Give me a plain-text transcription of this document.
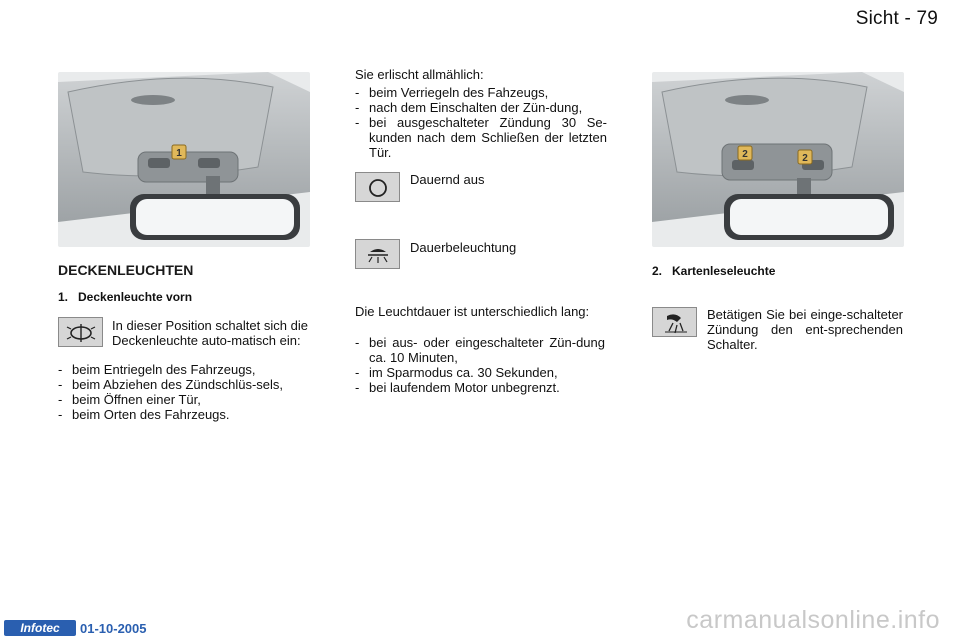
Sicht - 79
1
DECKENLEUCHTEN
1.   Deckenleuchte vorn
In dieser Position schaltet sich die Deckenleuchte auto-matisch ein:
- beim Entriegeln des Fahrzeugs,
- beim Abziehen des Zündschlüs-sels,
- beim Öffnen einer Tür,
- beim Orten des Fahrzeugs.
Sie erlischt allmählich:
- beim Verriegeln des Fahzeugs,
- nach dem Einschalten der Zün-dung,
- bei ausgeschalteter Zündung 30 Se-kunden nach dem Schließen der letzten Tür.
Dauernd aus
Dauerbeleuchtung
Die Leuchtdauer ist unterschiedlich lang:
- bei aus- oder eingeschalteter Zün-dung ca. 10 Minuten,
- im Sparmodus ca. 30 Sekunden,
- bei laufendem Motor unbegrenzt.
2	2
2.   Kartenleseleuchte
Betätigen Sie bei einge-schalteter Zündung den ent-sprechenden Schalter.
Infotec	01-10-2005	carmanualsonline.info
